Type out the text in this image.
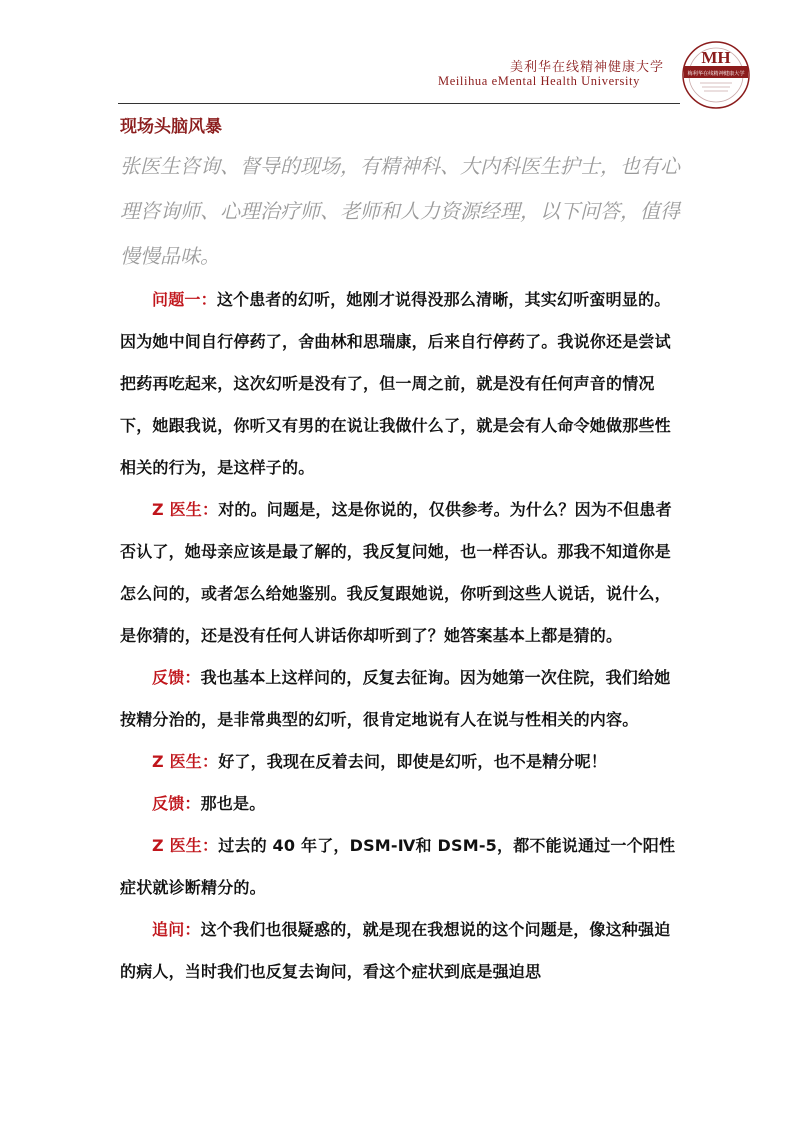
美利华在线精神健康大学
Meilihua eMental Health University
MH
梅利华在线精神健康大学
现场头脑风暴

张医生咨询、督导的现场，有精神科、大内科医生护士，也有心理咨询师、心理治疗师、老师和人力资源经理，以下问答，值得慢慢品味。

问题一：这个患者的幻听，她刚才说得没那么清晰，其实幻听蛮明显的。因为她中间自行停药了，舍曲林和思瑞康，后来自行停药了。我说你还是尝试把药再吃起来，这次幻听是没有了，但一周之前，就是没有任何声音的情况下，她跟我说，你听又有男的在说让我做什么了，就是会有人命令她做那些性相关的行为，是这样子的。

Z 医生：对的。问题是，这是你说的，仅供参考。为什么？因为不但患者否认了，她母亲应该是最了解的，我反复问她，也一样否认。那我不知道你是怎么问的，或者怎么给她鉴别。我反复跟她说，你听到这些人说话，说什么，是你猜的，还是没有任何人讲话你却听到了？她答案基本上都是猜的。

反馈：我也基本上这样问的，反复去征询。因为她第一次住院，我们给她按精分治的，是非常典型的幻听，很肯定地说有人在说与性相关的内容。

Z 医生：好了，我现在反着去问，即使是幻听，也不是精分呢！

反馈：那也是。

Z 医生：过去的 40 年了，DSM-Ⅳ和 DSM-5，都不能说通过一个阳性症状就诊断精分的。

追问：这个我们也很疑惑的，就是现在我想说的这个问题是，像这种强迫的病人，当时我们也反复去询问，看这个症状到底是强迫思
